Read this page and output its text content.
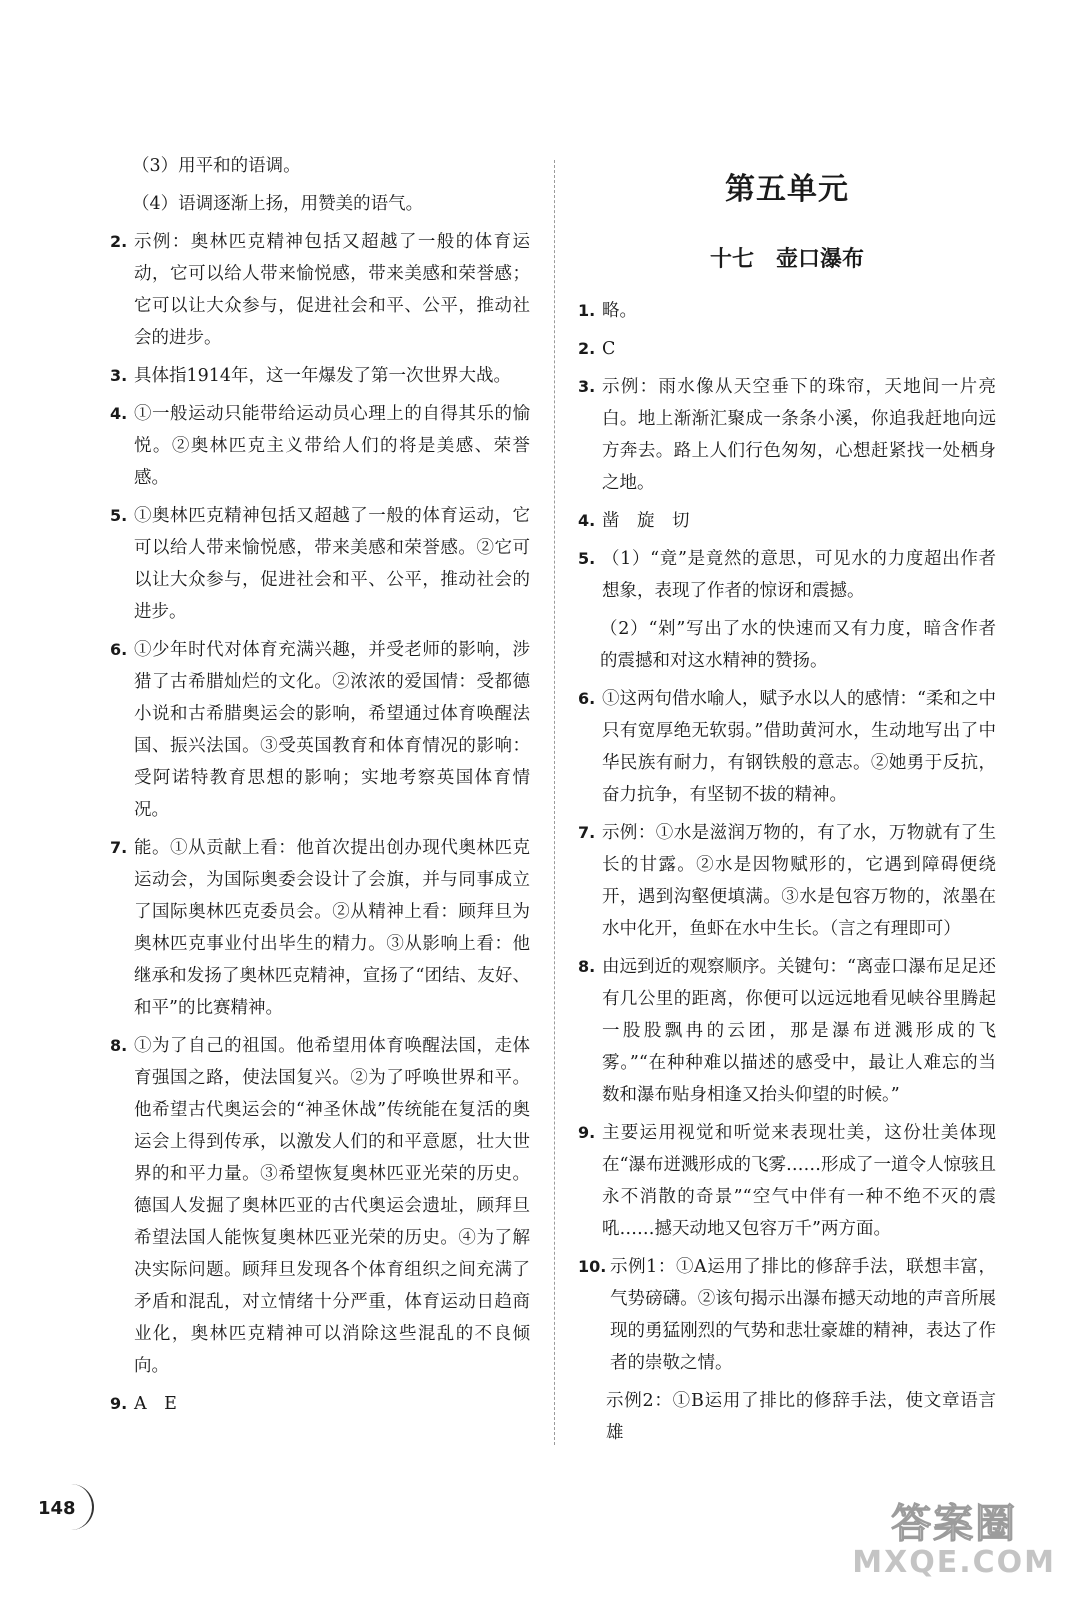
（3）用平和的语调。
（4）语调逐渐上扬，用赞美的语气。
2. 示例：奥林匹克精神包括又超越了一般的体育运动，它可以给人带来愉悦感，带来美感和荣誉感；它可以让大众参与，促进社会和平、公平，推动社会的进步。
3. 具体指1914年，这一年爆发了第一次世界大战。
4. ①一般运动只能带给运动员心理上的自得其乐的愉悦。②奥林匹克主义带给人们的将是美感、荣誉感。
5. ①奥林匹克精神包括又超越了一般的体育运动，它可以给人带来愉悦感，带来美感和荣誉感。②它可以让大众参与，促进社会和平、公平，推动社会的进步。
6. ①少年时代对体育充满兴趣，并受老师的影响，涉猎了古希腊灿烂的文化。②浓浓的爱国情：受都德小说和古希腊奥运会的影响，希望通过体育唤醒法国、振兴法国。③受英国教育和体育情况的影响：受阿诺特教育思想的影响；实地考察英国体育情况。
7. 能。①从贡献上看：他首次提出创办现代奥林匹克运动会，为国际奥委会设计了会旗，并与同事成立了国际奥林匹克委员会。②从精神上看：顾拜旦为奥林匹克事业付出毕生的精力。③从影响上看：他继承和发扬了奥林匹克精神，宣扬了“团结、友好、和平”的比赛精神。
8. ①为了自己的祖国。他希望用体育唤醒法国，走体育强国之路，使法国复兴。②为了呼唤世界和平。他希望古代奥运会的“神圣休战”传统能在复活的奥运会上得到传承，以激发人们的和平意愿，壮大世界的和平力量。③希望恢复奥林匹亚光荣的历史。德国人发掘了奥林匹亚的古代奥运会遗址，顾拜旦希望法国人能恢复奥林匹亚光荣的历史。④为了解决实际问题。顾拜旦发现各个体育组织之间充满了矛盾和混乱，对立情绪十分严重，体育运动日趋商业化，奥林匹克精神可以消除这些混乱的不良倾向。
9. A　E
第五单元
十七　壶口瀑布
1. 略。
2. C
3. 示例：雨水像从天空垂下的珠帘，天地间一片亮白。地上渐渐汇聚成一条条小溪，你追我赶地向远方奔去。路上人们行色匆匆，心想赶紧找一处栖身之地。
4. 凿　旋　切
5. （1）“竟”是竟然的意思，可见水的力度超出作者想象，表现了作者的惊讶和震撼。
（2）“剁”写出了水的快速而又有力度，暗含作者的震撼和对这水精神的赞扬。
6. ①这两句借水喻人，赋予水以人的感情：“柔和之中只有宽厚绝无软弱。”借助黄河水，生动地写出了中华民族有耐力，有钢铁般的意志。②她勇于反抗，奋力抗争，有坚韧不拔的精神。
7. 示例：①水是滋润万物的，有了水，万物就有了生长的甘露。②水是因物赋形的，它遇到障碍便绕开，遇到沟壑便填满。③水是包容万物的，浓墨在水中化开，鱼虾在水中生长。（言之有理即可）
8. 由远到近的观察顺序。关键句：“离壶口瀑布足足还有几公里的距离，你便可以远远地看见峡谷里腾起一股股飘冉的云团，那是瀑布迸溅形成的飞雾。”“在种种难以描述的感受中，最让人难忘的当数和瀑布贴身相逢又抬头仰望的时候。”
9. 主要运用视觉和听觉来表现壮美，这份壮美体现在“瀑布迸溅形成的飞雾……形成了一道令人惊骇且永不消散的奇景”“空气中伴有一种不绝不灭的震吼……撼天动地又包容万千”两方面。
10. 示例1：①A运用了排比的修辞手法，联想丰富，气势磅礴。②该句揭示出瀑布撼天动地的声音所展现的勇猛刚烈的气势和悲壮豪雄的精神，表达了作者的崇敬之情。
示例2：①B运用了排比的修辞手法，使文章语言雄
148	答案圈
MXQE.COM
